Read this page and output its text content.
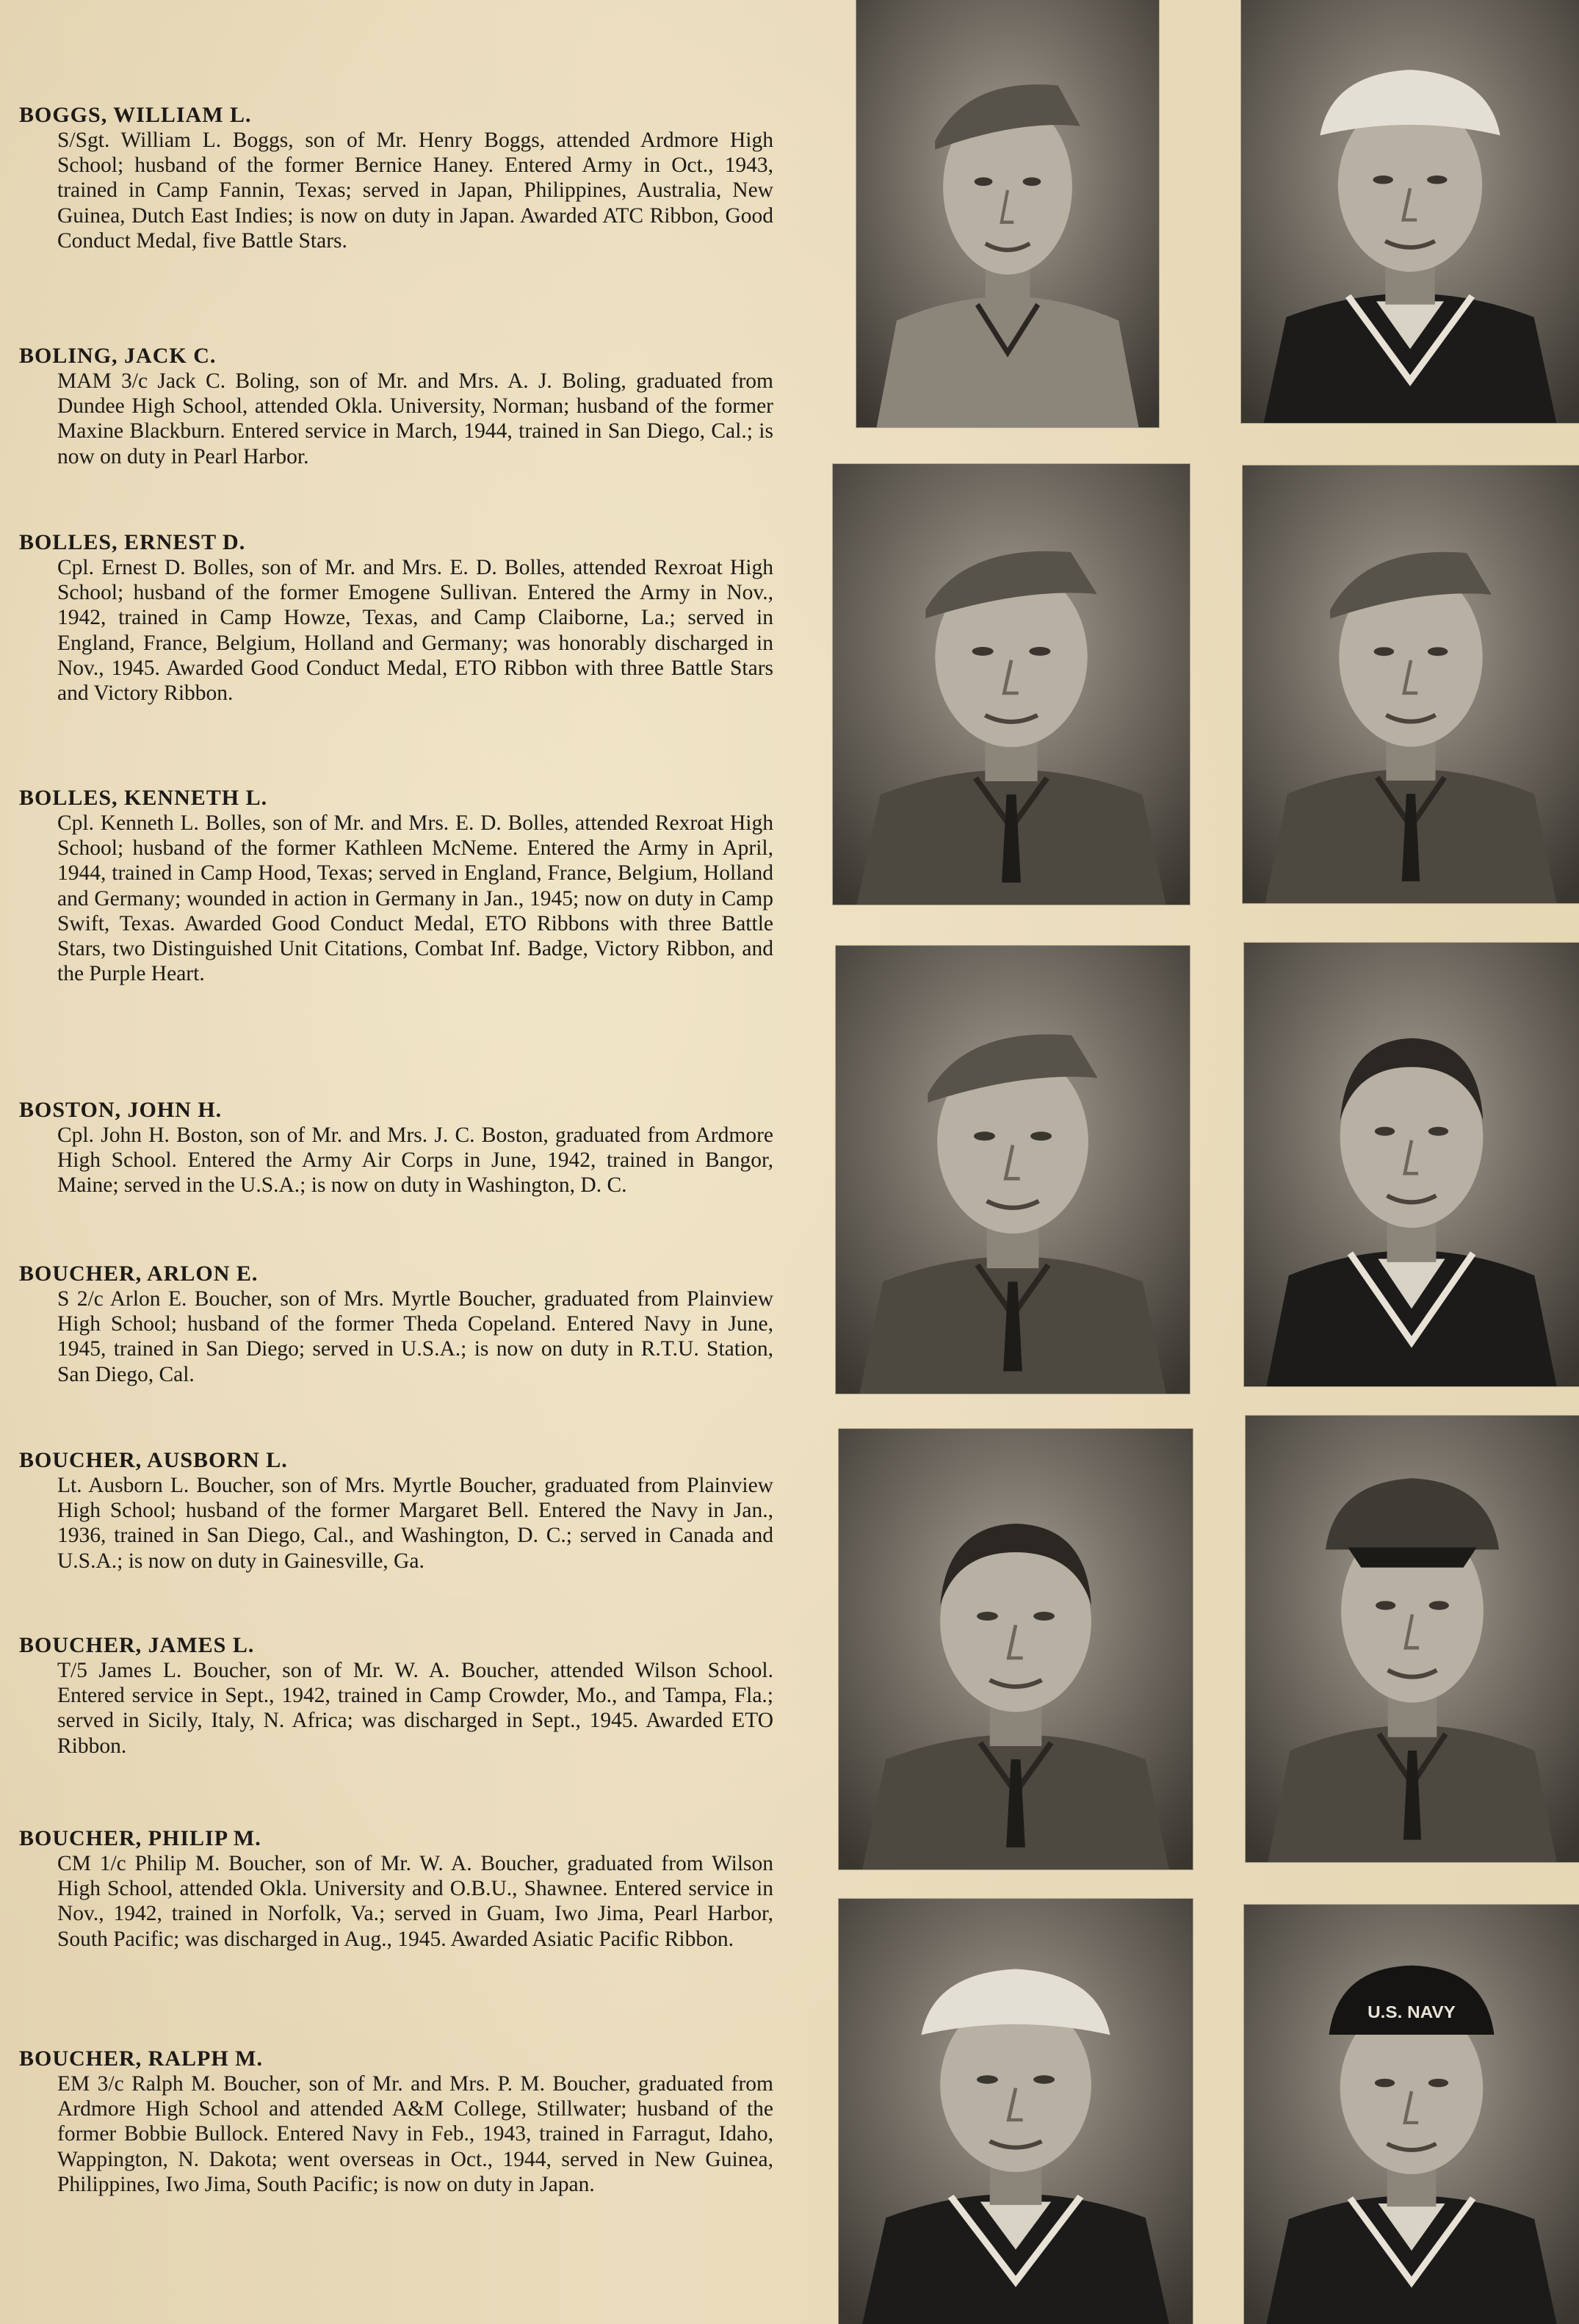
BOGGS, WILLIAM L.

S/Sgt. William L. Boggs, son of Mr. Henry Boggs, attended Ardmore High School; husband of the former Bernice Haney. Entered Army in Oct., 1943, trained in Camp Fannin, Texas; served in Japan, Philippines, Australia, New Guinea, Dutch East Indies; is now on duty in Japan. Awarded ATC Ribbon, Good Conduct Medal, five Battle Stars.

BOLING, JACK C.

MAM 3/c Jack C. Boling, son of Mr. and Mrs. A. J. Boling, graduated from Dundee High School, attended Okla. University, Norman; husband of the former Maxine Blackburn. Entered service in March, 1944, trained in San Diego, Cal.; is now on duty in Pearl Harbor.

BOLLES, ERNEST D.

Cpl. Ernest D. Bolles, son of Mr. and Mrs. E. D. Bolles, attended Rexroat High School; husband of the former Emogene Sullivan. Entered the Army in Nov., 1942, trained in Camp Howze, Texas, and Camp Claiborne, La.; served in England, France, Belgium, Holland and Germany; was honorably discharged in Nov., 1945. Awarded Good Conduct Medal, ETO Ribbon with three Battle Stars and Victory Ribbon.

BOLLES, KENNETH L.

Cpl. Kenneth L. Bolles, son of Mr. and Mrs. E. D. Bolles, attended Rexroat High School; husband of the former Kathleen McNeme. Entered the Army in April, 1944, trained in Camp Hood, Texas; served in England, France, Belgium, Holland and Germany; wounded in action in Germany in Jan., 1945; now on duty in Camp Swift, Texas. Awarded Good Conduct Medal, ETO Ribbons with three Battle Stars, two Distinguished Unit Citations, Combat Inf. Badge, Victory Ribbon, and the Purple Heart.

BOSTON, JOHN H.

Cpl. John H. Boston, son of Mr. and Mrs. J. C. Boston, graduated from Ardmore High School. Entered the Army Air Corps in June, 1942, trained in Bangor, Maine; served in the U.S.A.; is now on duty in Washington, D. C.

BOUCHER, ARLON E.

S 2/c Arlon E. Boucher, son of Mrs. Myrtle Boucher, graduated from Plainview High School; husband of the former Theda Copeland. Entered Navy in June, 1945, trained in San Diego; served in U.S.A.; is now on duty in R.T.U. Station, San Diego, Cal.

BOUCHER, AUSBORN L.

Lt. Ausborn L. Boucher, son of Mrs. Myrtle Boucher, graduated from Plainview High School; husband of the former Margaret Bell. Entered the Navy in Jan., 1936, trained in San Diego, Cal., and Washington, D. C.; served in Canada and U.S.A.; is now on duty in Gainesville, Ga.

BOUCHER, JAMES L.

T/5 James L. Boucher, son of Mr. W. A. Boucher, attended Wilson School. Entered service in Sept., 1942, trained in Camp Crowder, Mo., and Tampa, Fla.; served in Sicily, Italy, N. Africa; was discharged in Sept., 1945. Awarded ETO Ribbon.

BOUCHER, PHILIP M.

CM 1/c Philip M. Boucher, son of Mr. W. A. Boucher, graduated from Wilson High School, attended Okla. University and O.B.U., Shawnee. Entered service in Nov., 1942, trained in Norfolk, Va.; served in Guam, Iwo Jima, Pearl Harbor, South Pacific; was discharged in Aug., 1945. Awarded Asiatic Pacific Ribbon.

BOUCHER, RALPH M.

EM 3/c Ralph M. Boucher, son of Mr. and Mrs. P. M. Boucher, graduated from Ardmore High School and attended A&M College, Stillwater; husband of the former Bobbie Bullock. Entered Navy in Feb., 1943, trained in Farragut, Idaho, Wappington, N. Dakota; went overseas in Oct., 1944, served in New Guinea, Philippines, Iwo Jima, South Pacific; is now on duty in Japan.

U.S. NAVY
